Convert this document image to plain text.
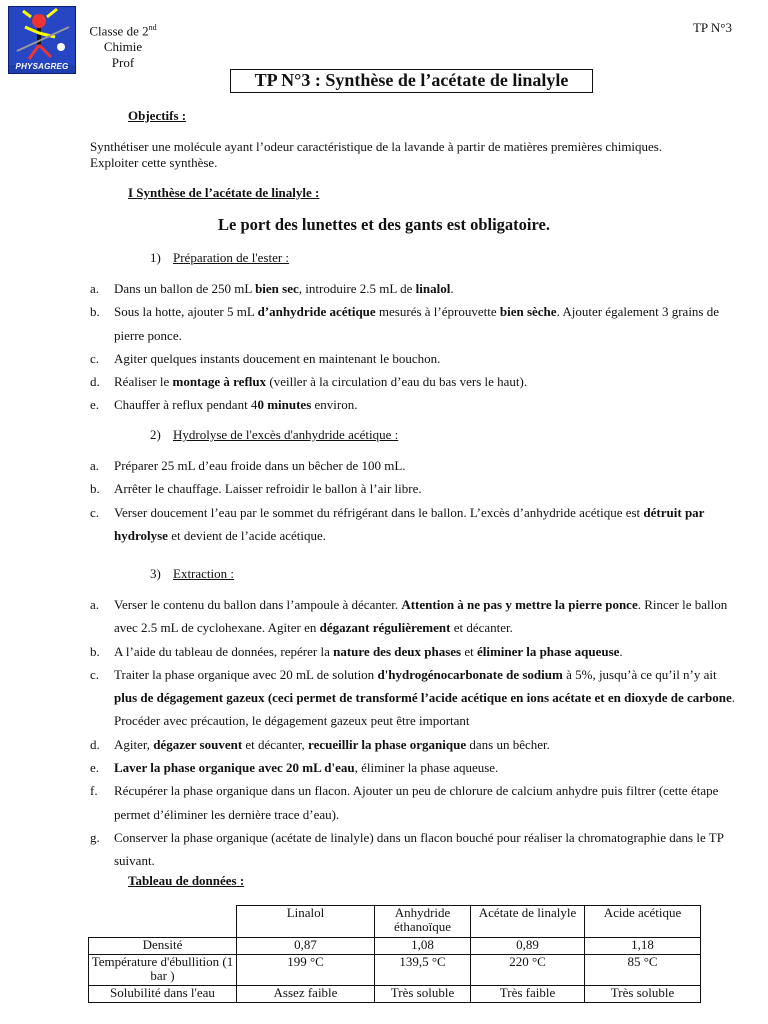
PHYSAGREG
Classe de 2nd
Chimie
Prof
TP N°3
TP N°3 : Synthèse de l’acétate de linalyle
Objectifs :
Synthétiser une molécule ayant l’odeur caractéristique de la lavande à partir de matières premières chimiques.
Exploiter cette synthèse.
I Synthèse de l’acétate de linalyle :
Le port des lunettes et des gants est obligatoire.
1) Préparation de l'ester :
a. Dans un ballon de 250 mL bien sec, introduire 2.5 mL de linalol.
b. Sous la hotte, ajouter 5 mL d’anhydride acétique mesurés à l’éprouvette bien sèche. Ajouter également 3 grains de pierre ponce.
c. Agiter quelques instants doucement en maintenant le bouchon.
d. Réaliser le montage à reflux (veiller à la circulation d’eau du bas vers le haut).
e. Chauffer à reflux pendant 40 minutes environ.
2) Hydrolyse de l'excès d'anhydride acétique :
a. Préparer 25 mL d’eau froide dans un bêcher de 100 mL.
b. Arrêter le chauffage. Laisser refroidir le ballon à l’air libre.
c. Verser doucement l’eau par le sommet du réfrigérant dans le ballon. L’excès d’anhydride acétique est détruit par hydrolyse et devient de l’acide acétique.
3) Extraction :
a. Verser le contenu du ballon dans l’ampoule à décanter. Attention à ne pas y mettre la pierre ponce. Rincer le ballon avec 2.5 mL de cyclohexane. Agiter en dégazant régulièrement et décanter.
b. A l’aide du tableau de données, repérer la nature des deux phases et éliminer la phase aqueuse.
c. Traiter la phase organique avec 20 mL de solution d'hydrogénocarbonate de sodium à 5%, jusqu’à ce qu’il n’y ait plus de dégagement gazeux (ceci permet de transformé l’acide acétique en ions acétate et en dioxyde de carbone. Procéder avec précaution, le dégagement gazeux peut être important
d. Agiter, dégazer souvent et décanter, recueillir la phase organique dans un bêcher.
e. Laver la phase organique avec 20 mL d'eau, éliminer la phase aqueuse.
f. Récupérer la phase organique dans un flacon. Ajouter un peu de chlorure de calcium anhydre puis filtrer (cette étape permet d’éliminer les dernière trace d’eau).
g. Conserver la phase organique (acétate de linalyle) dans un flacon bouché pour réaliser la chromatographie dans le TP suivant.
Tableau de données :
	Linalol	Anhydride éthanoïque	Acétate de linalyle	Acide acétique
Densité	0,87	1,08	0,89	1,18
Température d'ébullition (1 bar )	199 °C	139,5 °C	220 °C	85 °C
Solubilité dans l'eau	Assez faible	Très soluble	Très faible	Très soluble
